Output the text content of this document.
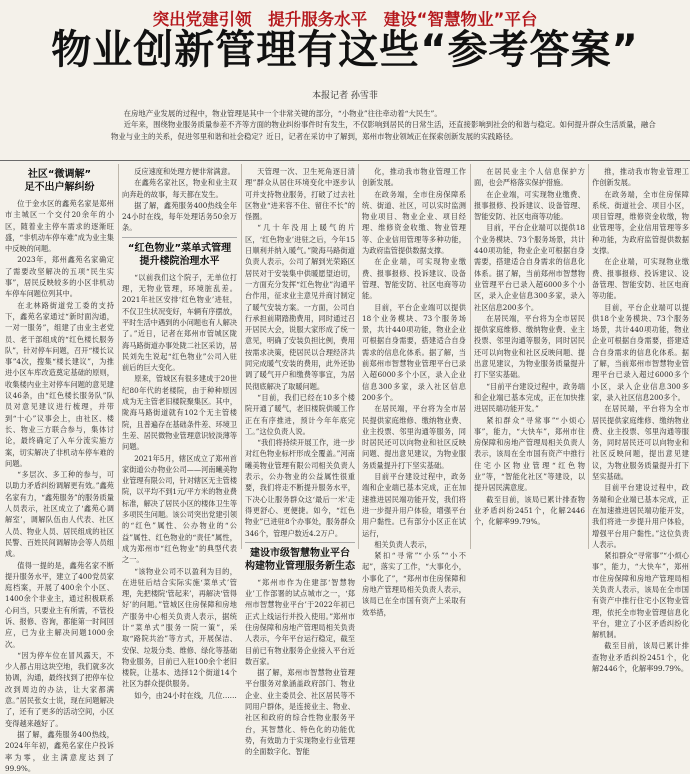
突出党建引领　提升服务水平　建设“智慧物业”平台
物业创新管理有这些“参考答案”
本报记者 孙雪菲

在房地产业发展的过程中，物业管理是其中一个非常关键的部分，“小物业”往往牵动着“大民生”。

近年来，围绕物业服务质量参差不齐等方面的物业纠纷事件时有发生，不仅影响到居民的日常生活，还直接影响到社会的和谐与稳定。如何提升群众生活质量，融合物业与业主的关系，促进邻里和谐和社会稳定？近日，记者在采访中了解到，郑州市物业领域正在探索创新发展的实践路径。

社区“微调解”
足不出户解纠纷

位于金水区的鑫苑名家是郑州市主城区一个交付20余年的小区，随着业主停车需求的逐渐旺盛，“非机动车停车难”成为业主集中反映的问题。

2023年，郑州鑫苑名家确定了需要改坚解决的五项“民生实事”，居民反映较多的小区非机动车停车问题位列其中。

在北林路街道党工委的支持下，鑫苑名家通过“新时面沟通，一对一服务”，组建了由业主老党员、老干部组成的“红色楼长服务队”，针对停车问题，召开“楼长议事”4次，搜集“楼长建议”，为推进小区车库改造奠定基础的原则，收集楼内业主对停车问题的意见建议46条，由“红色楼长服务队”队员对意见建议进行梳理，并带到“十心”议事会上，由社区、楼长、物业三方联合参与，集体讨论，最终确定了入车分流实施方案，切实解决了非机动车停车难的问题。

“多层次、多工种的参与，可以助力矛盾纠纷调解更有效。”鑫苑名家有力，“鑫苑服务”的服务质量人员表示，社区成立了‘鑫苑心调解室’，调解队伍由人代表、社区人员、物业人员、居民组成的社区民警、百姓民间调解协会等人员组成。

值得一提的是，鑫苑名家不断提升服务水平，建立了400党员家庭档案，开展了400余个小区、1400余个非业主，通过积极联系心问当，只要业主有所需，不管投诉、报修、咨询，都能第一时间回应，已为业主解决问题1000余次。

“因为停车位在冒风露天，不少人都占用这块空地，我们就多次协调，沟通，最终找到了把停车位改到周边的办法，让大家都满意。”居民张女士说，现在问题解决了，还有了更多的活动空间，小区变得越来越好了。

据了解，鑫苑服务400热线，2024年年初，鑫苑名家住户投诉率为零，业主满意度达到了99.9%。

反应速度和处理方便非常满意。

在鑫苑名家社区，物业和业主双向奔赴的故事，每天都在发生。

据了解，鑫苑服务400热线全年24小时在线，每年处理话务50余万条。

“红色物业”菜单式管理
提升楼院治理水平

“以前我们这个院子，无单位打理，无物业管理，环境脏乱差。2021年社区安排‘红色物业’进驻，不仅卫生状况变好，车辆有序摆放，平时生活中遇到的小问题也有人解决了。”近日，记者在郑州市管城区陇海马路街道办事处陇二社区采访，居民刘先生说起“红色物业”公司入驻前后的巨大变化。

原来，管城区有很多建成于20世纪80年代的老楼院，由于种种原因成为无主管老旧楼院聚集区。其中，陇海马路街道就有102个无主管楼院，且普遍存在基础条件差、环境卫生差、居民微物业管理意识较淡薄等问题。

2021年5月，辖区成立了郑州首家街道公办物业公司——河南曦美物业管理有限公司，针对辖区无主管楼院，以平均不到1元/平方米的物业费标准，解决了居民小区的楼体卫生等多项民生问题。该公司突出党建引领的“红色”属性、公办物业的“公益”属性、红色物业的“责任”属性，成为郑州市“红色物业”的典型代表之一。

“该物业公司不以盈利为目的，在进驻后结合实际实施‘菜单式’管理，先把楼院‘管起来’，再解决‘管得好’的问题。”管城区住房保障和房地产服务中心相关负责人表示，据统计“菜单式”服务一院一策”，采取“路院共治”等方式，开展保洁、安保、垃圾分类、维修、绿化等基础物业服务，目前已入驻100余个老旧楼院，让基本、选择12个街道14个社区为群众提供服务。

如今，由24小时在线，几位……

天管理一次、卫生死角逐日清理”群众从居住环境变化中逐步认可并支持物业服务，打破了过去社区物业“进来容不住、留住不长”的怪圈。

“几十年没用上暖气的片区，‘红色物业’进驻之后，今年15日顺利并纳入暖气。”陇海马路街道负责人表示，公司了解到光荣路区居民对于安装集中供暖愿望迫切，一方面充分发挥“红色物业”沟通平台作用，征求业主意见并商讨制定了暖气安装方案。一方面，公司自行承担前期踏勘费用，同时通过召开居民大会，说服大家形成了统一意见，明确了安装负担比例，费用按需求决策，使居民以合理经济共同完成暖气安装的费用，此外还协调了暖气开户和缴费等事宜，为居民彻底解决了取暖问题。

“目前，我们已经在10多个楼院开通了暖气，老旧楼院供暖工作正在有序推进，预计今年年底完工。”这位负责人说。

“我们将持续开展工作，进一步对红色物业标杆形成全覆盖。”河南曦美物业管理有限公司相关负责人表示，公办物业的公益属性很重要，我们将走不断提升服务水平，下决心让服务群众这‘最后一米’走得更舒心、更便捷。如今，“红色物业”已进驻8个办事处，服务群众346个，管理户数近4.2万户。

建设市级智慧物业平台
构建物业管理服务新生态

“郑州市作为住建部‘智慧物业’工作部署的试点城市之一，‘郑州市智慧物业平台’于2022年初已正式上线运行并投入使用。”郑州市住房保障和房地产管理局相关负责人表示，今年平台运行稳定，截至目前已有物业服务企业接入平台近数百家。

据了解，郑州市智慧物业管理平台服务对象涵盖政府部门、物业企业、业主委员会、社区居民等不同用户群体，是连接业主、物业、社区和政府的综合性物业服务平台，其智慧化、特色化的功能优势，有效助力于实现物业行业管理的全面数字化、智能

化，推动我市物业管理工作创新发展。

在政务端，全市住房保障系统、街道、社区，可以实时监测物业项目、物业企业、项目经理、维修资金收缴、物业管理等、企业信用管理等多种功能，为政府监管提供数据支撑。

在企业端，可实现物业缴费、报事报修、投诉建议、设备管理、智能安防、社区电商等功能。

目前，平台企业端可以提供18个业务模块、73个服务场景，共计440项功能，物业企业可根据自身需要，搭建适合自身需求的信息化体系。据了解，当前郑州市智慧物业管理平台已录入超6000多个小区，录入企业信息300多家，录入社区信息200多个。

在居民端，平台将为全市居民提供家庭维修、缴纳物业费、业主投票、邻里沟通等服务，同时居民还可以向物业和社区反映问题、提出意见建议，为物业服务质量提升打下坚实基础。

目前平台建设过程中，政务端和企业端已基本完成，正在加速推进居民端功能开发，我们将进一步提升用户体验，增强平台用户黏性。已有部分小区正在试运行，

相关负责人表示，

紧扣“寻常”“小乐”“小不起”，落实了工作，“大事化小，小事化了”，“郑州市住房保障和房地产管理局相关负责人表示，该局已在全市国有资产上采取有效举措，

在居民业主个人信息保护方面，也会严格落实保护措施。

在企业端，可实现物业缴费、报事报修、投诉建议、设备管理、智能安防、社区电商等功能。

目前，平台企业端可以提供18个业务模块、73个服务场景，共计440项功能，物业企业可根据自身需要，搭建适合自身需求的信息化体系。据了解，当前郑州市智慧物业管理平台已录入超6000多个小区，录入企业信息300多家，录入社区信息200多个。

在居民端，平台将为全市居民提供家庭维修、缴纳物业费、业主投票、邻里沟通等服务，同时居民还可以向物业和社区反映问题、提出意见建议，为物业服务质量提升打下坚实基础。

“目前平台建设过程中，政务端和企业端已基本完成，正在加快推进居民端功能开发。”

紧扣群众“寻常事”“小烦心事”，能力，“大快车”，郑州市住房保障和房地产管理局相关负责人表示，该局在全市国有资产中推行住宅小区物业管理“红色物业”等，“智能化社区”等建设，以提升居民满意度。

截至目前，该局已累计排查物业矛盾纠纷2451个，化解2446个，化解率99.79%。

推，推动我市物业管理工作创新发展。

在政务端，全市住房保障系统、街道社会、项目小区，项目管理，维修资金收缴，物业管理等，企业信用管理等多种功能，为政府监管提供数据支撑。

在企业端，可实现物业缴费、报事报修、投诉建议、设备管理、智能安防、社区电商等功能。

目前，平台企业端可以提供18个业务模块、73个服务场景，共计440项功能，物业企业可根据自身需要，搭建适合自身需求的信息化体系。据了解，当前郑州市智慧物业管理平台已录入超过6000多个小区，录入企业信息300多家，录入社区信息200多个。

在居民端，平台将为全市居民提供家庭维修、缴纳物业费、业主投票、邻里沟通等服务，同时居民还可以向物业和社区反映问题，提出意见建议，为物业服务质量提升打下坚实基础。

目前平台建设过程中，政务端和企业端已基本完成，正在加速推进居民端功能开发，我们将进一步提升用户体验，增强平台用户黏性。”这位负责人表示。

紧扣群众“寻常事”“小烦心事”，能力，“大快车”，郑州市住房保障和房地产管理局相关负责人表示，该局在全市国有资产中推行住宅小区物业管理，依托全市物业管理信息化平台，建立了小区矛盾纠纷化解机制。

截至目前，该局已累计排查物业矛盾纠纷2451个，化解2446个，化解率99.79%。
